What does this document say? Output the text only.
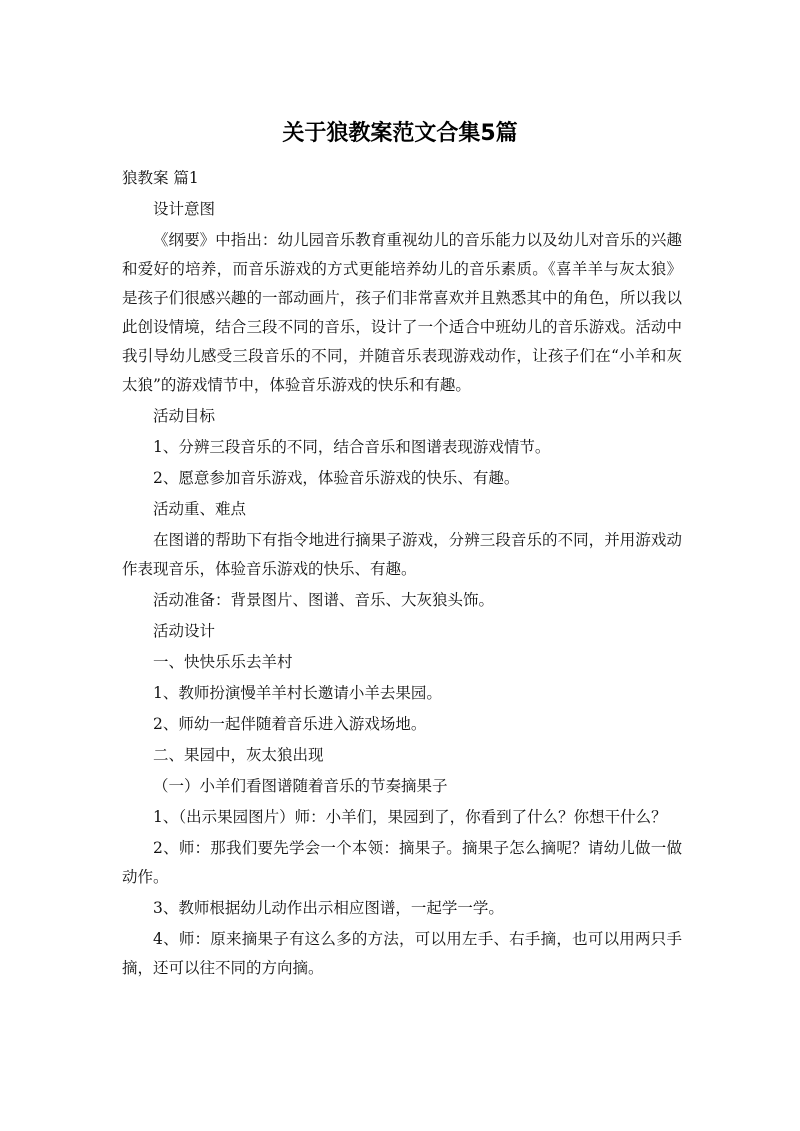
关于狼教案范文合集5篇

狼教案 篇1

设计意图

《纲要》中指出：幼儿园音乐教育重视幼儿的音乐能力以及幼儿对音乐的兴趣和爱好的培养，而音乐游戏的方式更能培养幼儿的音乐素质。《喜羊羊与灰太狼》是孩子们很感兴趣的一部动画片，孩子们非常喜欢并且熟悉其中的角色，所以我以此创设情境，结合三段不同的音乐，设计了一个适合中班幼儿的音乐游戏。活动中我引导幼儿感受三段音乐的不同，并随音乐表现游戏动作，让孩子们在“小羊和灰太狼”的游戏情节中，体验音乐游戏的快乐和有趣。

活动目标

1、分辨三段音乐的不同，结合音乐和图谱表现游戏情节。

2、愿意参加音乐游戏，体验音乐游戏的快乐、有趣。

活动重、难点

在图谱的帮助下有指令地进行摘果子游戏，分辨三段音乐的不同，并用游戏动作表现音乐，体验音乐游戏的快乐、有趣。

活动准备：背景图片、图谱、音乐、大灰狼头饰。

活动设计

一、快快乐乐去羊村

1、教师扮演慢羊羊村长邀请小羊去果园。

2、师幼一起伴随着音乐进入游戏场地。

二、果园中，灰太狼出现

（一）小羊们看图谱随着音乐的节奏摘果子

1、（出示果园图片）师：小羊们，果园到了，你看到了什么？你想干什么？

2、师：那我们要先学会一个本领：摘果子。摘果子怎么摘呢？请幼儿做一做动作。

3、教师根据幼儿动作出示相应图谱，一起学一学。

4、师：原来摘果子有这么多的方法，可以用左手、右手摘，也可以用两只手摘，还可以往不同的方向摘。
